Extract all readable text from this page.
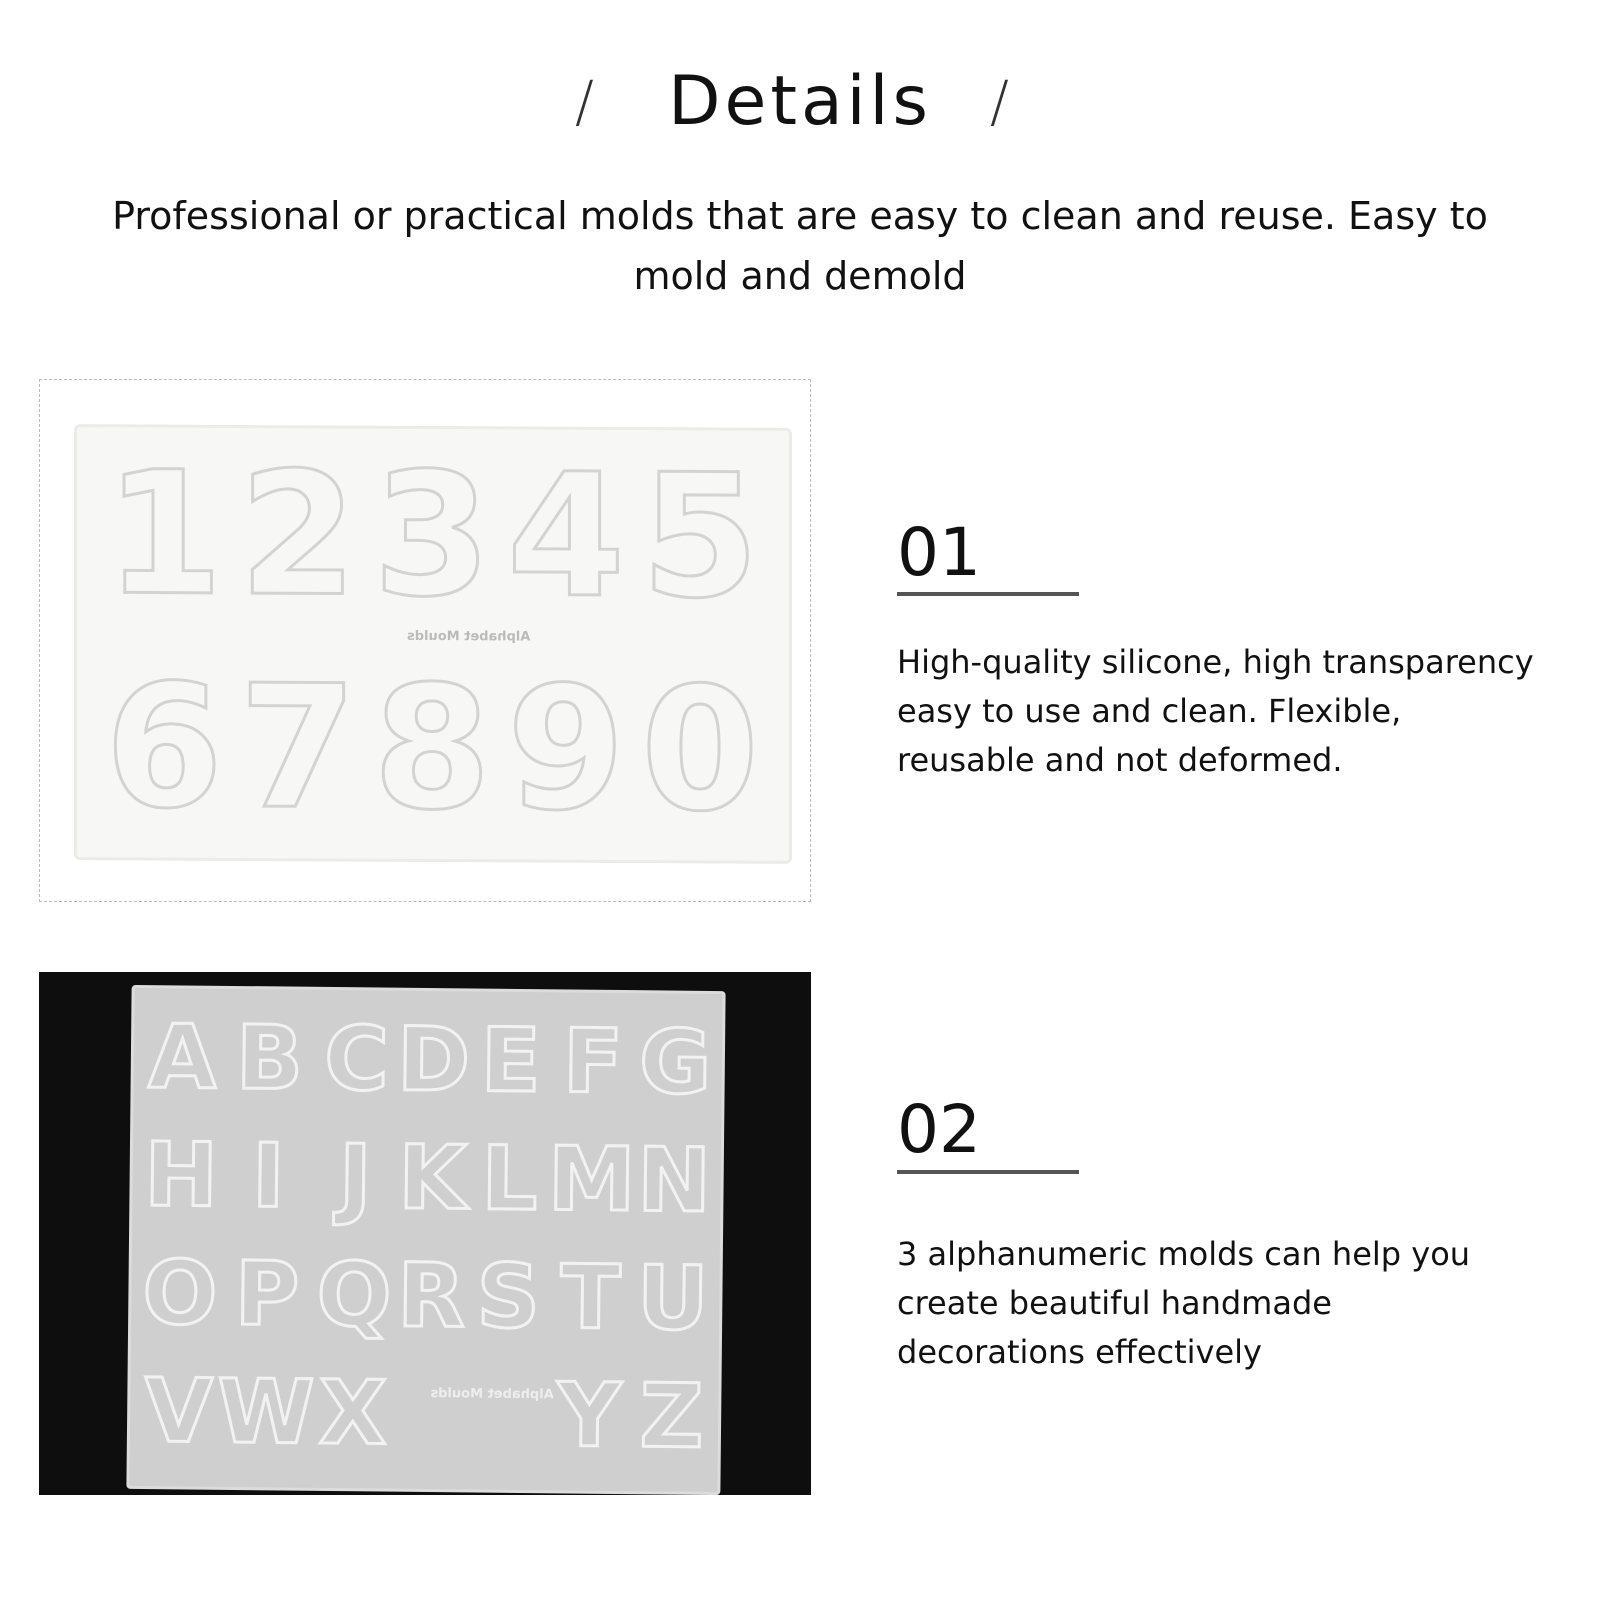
/	Details	/
Professional or practical molds that are easy to clean and reuse. Easy to mold and demold
1 2 3 4 5
6 7 8 9 0
Alphabet Moulds
01
High-quality silicone, high transparency easy to use and clean. Flexible, reusable and not deformed.
A B C D E F G
H I J K L M N
O P Q R S T U
V W X Y Z
Alphabet Moulds
02
3 alphanumeric molds can help you create beautiful handmade decorations effectively
